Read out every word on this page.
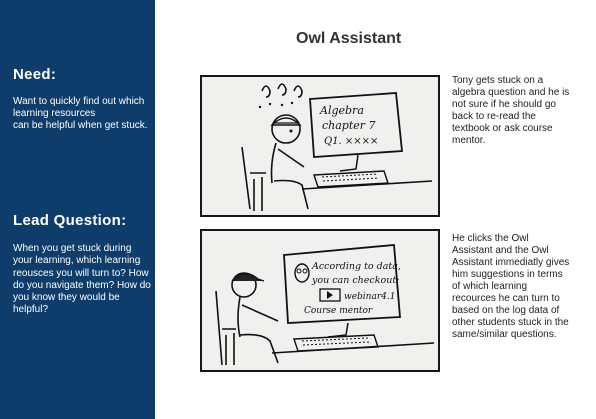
Need:
Want to quickly find out which learning resources
can be helpful when get stuck.
Lead Question:
When you get stuck during your learning, which learning reousces you will turn to? How do you navigate them? How do you know they would be helpful?
Owl Assistant
Algebra
chapter 7
Q1. ××××
According to data,
you can checkout:
webinar4.1
Course mentor
Tony gets stuck on a algebra question and he is not sure if he should go back to re-read the textbook or ask course mentor.
He clicks the Owl Assistant and the Owl Assistant immediatly gives him suggestions in terms of which learning recources he can turn to based on the log data of other students stuck in the same/similar questions.
